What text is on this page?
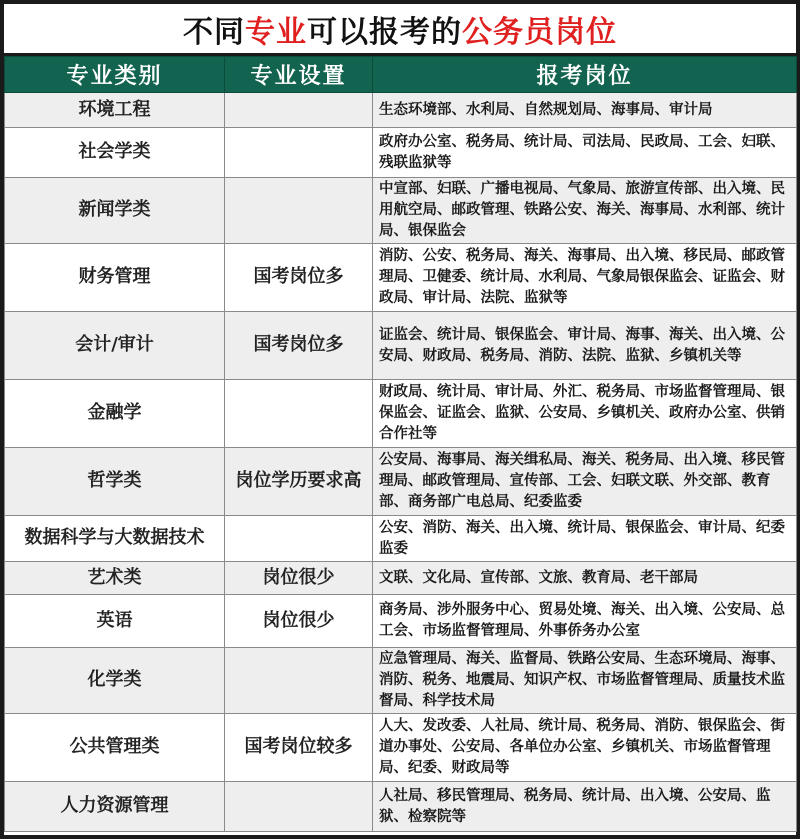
不同 专业 可以报考的 公务员岗位
专业类别	专业设置	报考岗位
环境工程		生态环境部、水利局、自然规划局、海事局、审计局
社会学类		政府办公室、税务局、统计局、司法局、民政局、工会、妇联、残联监狱等
新闻学类		中宣部、妇联、广播电视局、气象局、旅游宣传部、出入境、民用航空局、邮政管理、铁路公安、海关、海事局、水利部、统计局、银保监会
财务管理	国考岗位多	消防、公安、税务局、海关、海事局、出入境、移民局、邮政管理局、卫健委、统计局、水利局、气象局银保监会、证监会、财政局、审计局、法院、监狱等
会计/审计	国考岗位多	证监会、统计局、银保监会、审计局、海事、海关、出入境、公安局、财政局、税务局、消防、法院、监狱、乡镇机关等
金融学		财政局、统计局、审计局、外汇、税务局、市场监督管理局、银保监会、证监会、监狱、公安局、乡镇机关、政府办公室、供销合作社等
哲学类	岗位学历要求高	公安局、海事局、海关缉私局、海关、税务局、出入境、移民管理局、邮政管理局、宣传部、工会、妇联文联、外交部、教育部、商务部广电总局、纪委监委
数据科学与大数据技术		公安、消防、海关、出入境、统计局、银保监会、审计局、纪委监委
艺术类	岗位很少	文联、文化局、宣传部、文旅、教育局、老干部局
英语	岗位很少	商务局、涉外服务中心、贸易处境、海关、出入境、公安局、总工会、市场监督管理局、外事侨务办公室
化学类		应急管理局、海关、监督局、铁路公安局、生态环境局、海事、消防、税务、地震局、知识产权、市场监督管理局、质量技术监督局、科学技术局
公共管理类	国考岗位较多	人大、发改委、人社局、统计局、税务局、消防、银保监会、街道办事处、公安局、各单位办公室、乡镇机关、市场监督管理局、纪委、财政局等
人力资源管理		人社局、移民管理局、税务局、统计局、出入境、公安局、监狱、检察院等
